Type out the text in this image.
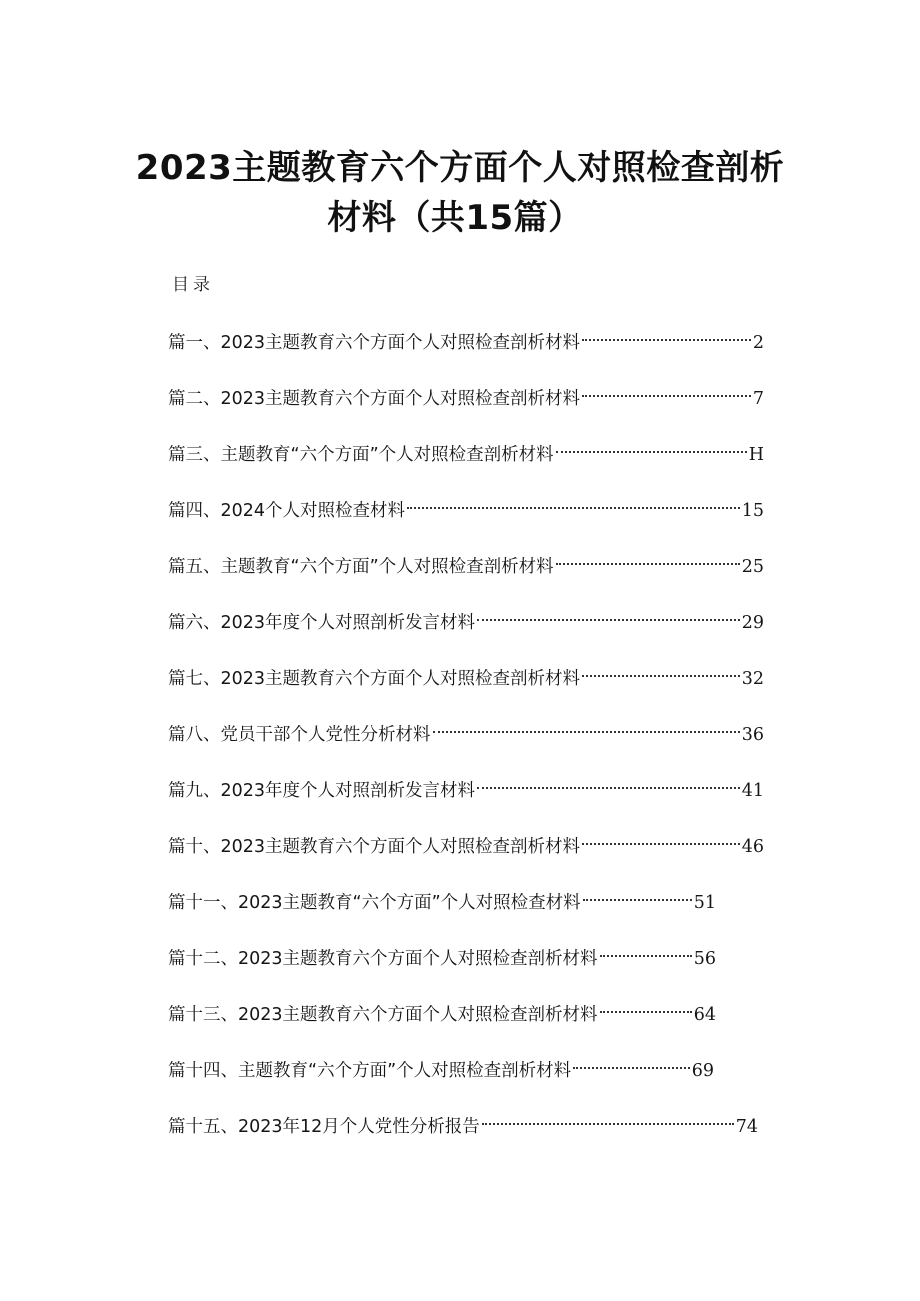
2023主题教育六个方面个人对照检查剖析
材料（共15篇）
目录
篇一、2023主题教育六个方面个人对照检查剖析材料	2
篇二、2023主题教育六个方面个人对照检查剖析材料	7
篇三、主题教育“六个方面”个人对照检查剖析材料	H
篇四、2024个人对照检查材料	15
篇五、主题教育“六个方面”个人对照检查剖析材料	25
篇六、2023年度个人对照剖析发言材料	29
篇七、2023主题教育六个方面个人对照检查剖析材料	32
篇八、党员干部个人党性分析材料	36
篇九、2023年度个人对照剖析发言材料	41
篇十、2023主题教育六个方面个人对照检查剖析材料	46
篇十一、2023主题教育“六个方面”个人对照检查材料	51
篇十二、2023主题教育六个方面个人对照检查剖析材料	56
篇十三、2023主题教育六个方面个人对照检查剖析材料	64
篇十四、主题教育“六个方面”个人对照检查剖析材料	69
篇十五、2023年12月个人党性分析报告	74
